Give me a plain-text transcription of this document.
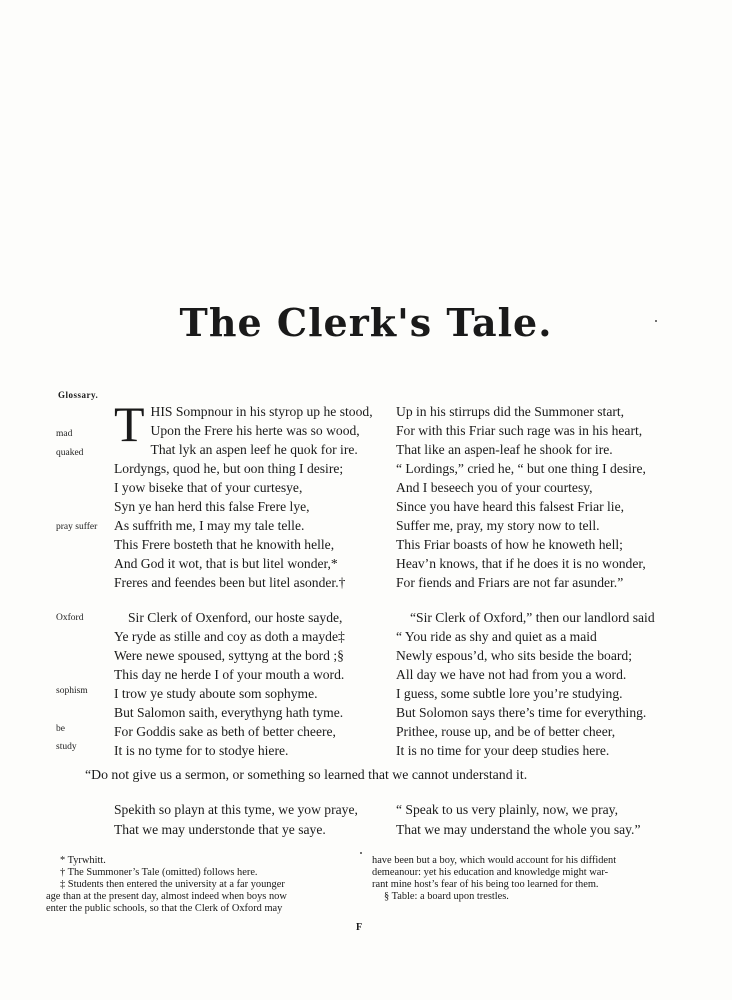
The Clerk's Tale.
Glossary.
mad
quaked
pray suffer
Oxford
sophism
be
study
T HIS Sompnour in his styrop up he stood,
Upon the Frere his herte was so wood,
That lyk an aspen leef he quok for ire.
Lordyngs, quod he, but oon thing I desire;
I yow biseke that of your curtesye,
Syn ye han herd this false Frere lye,
As suffrith me, I may my tale telle.
This Frere bosteth that he knowith helle,
And God it wot, that is but litel wonder,*
Freres and feendes been but litel asonder.†
Sir Clerk of Oxenford, our hoste sayde,
Ye ryde as stille and coy as doth a mayde‡
Were newe spoused, syttyng at the bord ;§
This day ne herde I of your mouth a word.
I trow ye study aboute som sophyme.
But Salomon saith, everythyng hath tyme.
For Goddis sake as beth of better cheere,
It is no tyme for to stodye hiere.
Up in his stirrups did the Summoner start,
For with this Friar such rage was in his heart,
That like an aspen-leaf he shook for ire.
“ Lordings,” cried he, “ but one thing I desire,
And I beseech you of your courtesy,
Since you have heard this falsest Friar lie,
Suffer me, pray, my story now to tell.
This Friar boasts of how he knoweth hell;
Heav’n knows, that if he does it is no wonder,
For fiends and Friars are not far asunder.”
“Sir Clerk of Oxford,” then our landlord said
“ You ride as shy and quiet as a maid
Newly espous’d, who sits beside the board;
All day we have not had from you a word.
I guess, some subtle lore you’re studying.
But Solomon says there’s time for everything.
Prithee, rouse up, and be of better cheer,
It is no time for your deep studies here.
“Do not give us a sermon, or something so learned that we cannot understand it.
Spekith so playn at this tyme, we yow praye,
That we may understonde that ye saye.
“ Speak to us very plainly, now, we pray,
That we may understand the whole you say.”
* Tyrwhitt.
† The Summoner’s Tale (omitted) follows here.
‡ Students then entered the university at a far younger
age than at the present day, almost indeed when boys now
enter the public schools, so that the Clerk of Oxford may
have been but a boy, which would account for his diffident
demeanour: yet his education and knowledge might war-
rant mine host’s fear of his being too learned for them.
§ Table: a board upon trestles.
F
